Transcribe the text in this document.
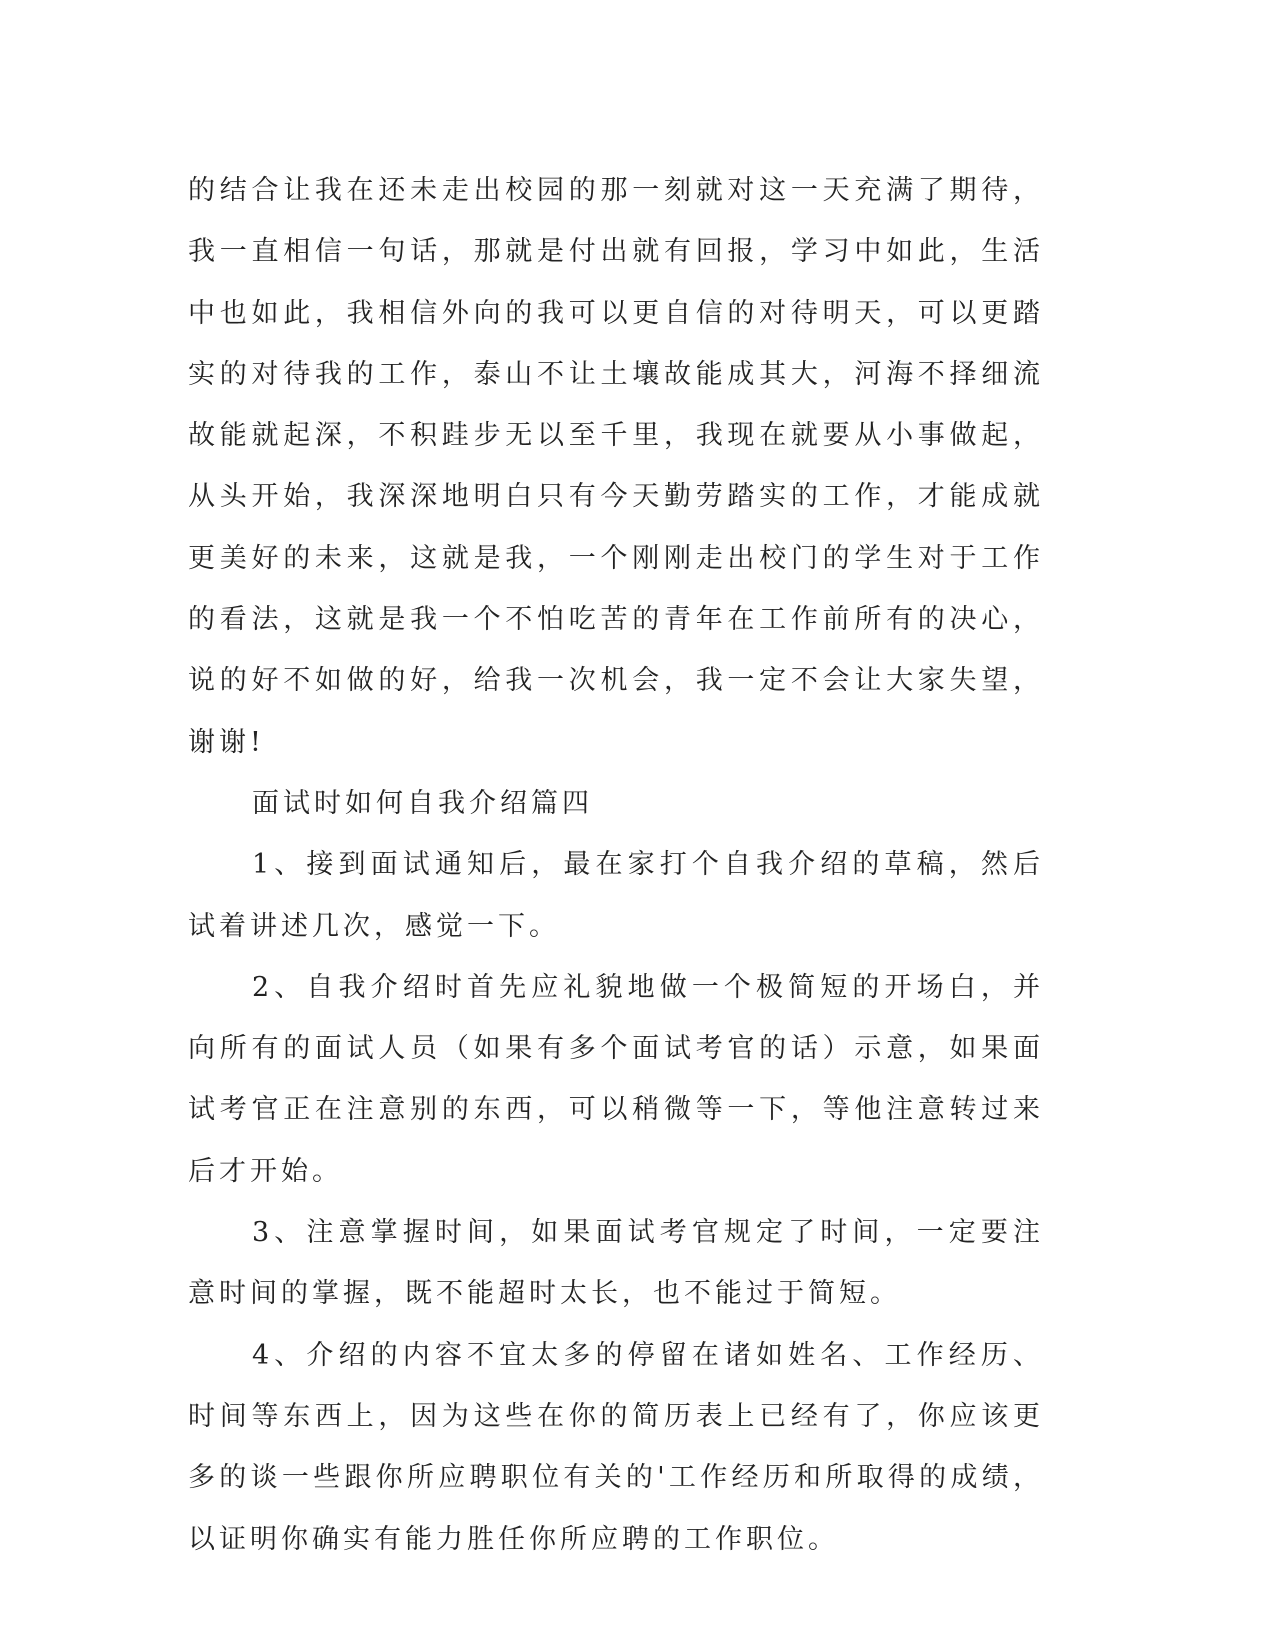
的结合让我在还未走出校园的那一刻就对这一天充满了期待，我一直相信一句话，那就是付出就有回报，学习中如此，生活中也如此，我相信外向的我可以更自信的对待明天，可以更踏实的对待我的工作，泰山不让土壤故能成其大，河海不择细流故能就起深，不积跬步无以至千里，我现在就要从小事做起，从头开始，我深深地明白只有今天勤劳踏实的工作，才能成就更美好的未来，这就是我，一个刚刚走出校门的学生对于工作的看法，这就是我一个不怕吃苦的青年在工作前所有的决心，说的好不如做的好，给我一次机会，我一定不会让大家失望，谢谢!

面试时如何自我介绍篇四

1、接到面试通知后，最在家打个自我介绍的草稿，然后试着讲述几次，感觉一下。

2、自我介绍时首先应礼貌地做一个极简短的开场白，并向所有的面试人员（如果有多个面试考官的话）示意，如果面试考官正在注意别的东西，可以稍微等一下，等他注意转过来后才开始。

3、注意掌握时间，如果面试考官规定了时间，一定要注意时间的掌握，既不能超时太长，也不能过于简短。

4、介绍的内容不宜太多的停留在诸如姓名、工作经历、时间等东西上，因为这些在你的简历表上已经有了，你应该更多的谈一些跟你所应聘职位有关的'工作经历和所取得的成绩，以证明你确实有能力胜任你所应聘的工作职位。
